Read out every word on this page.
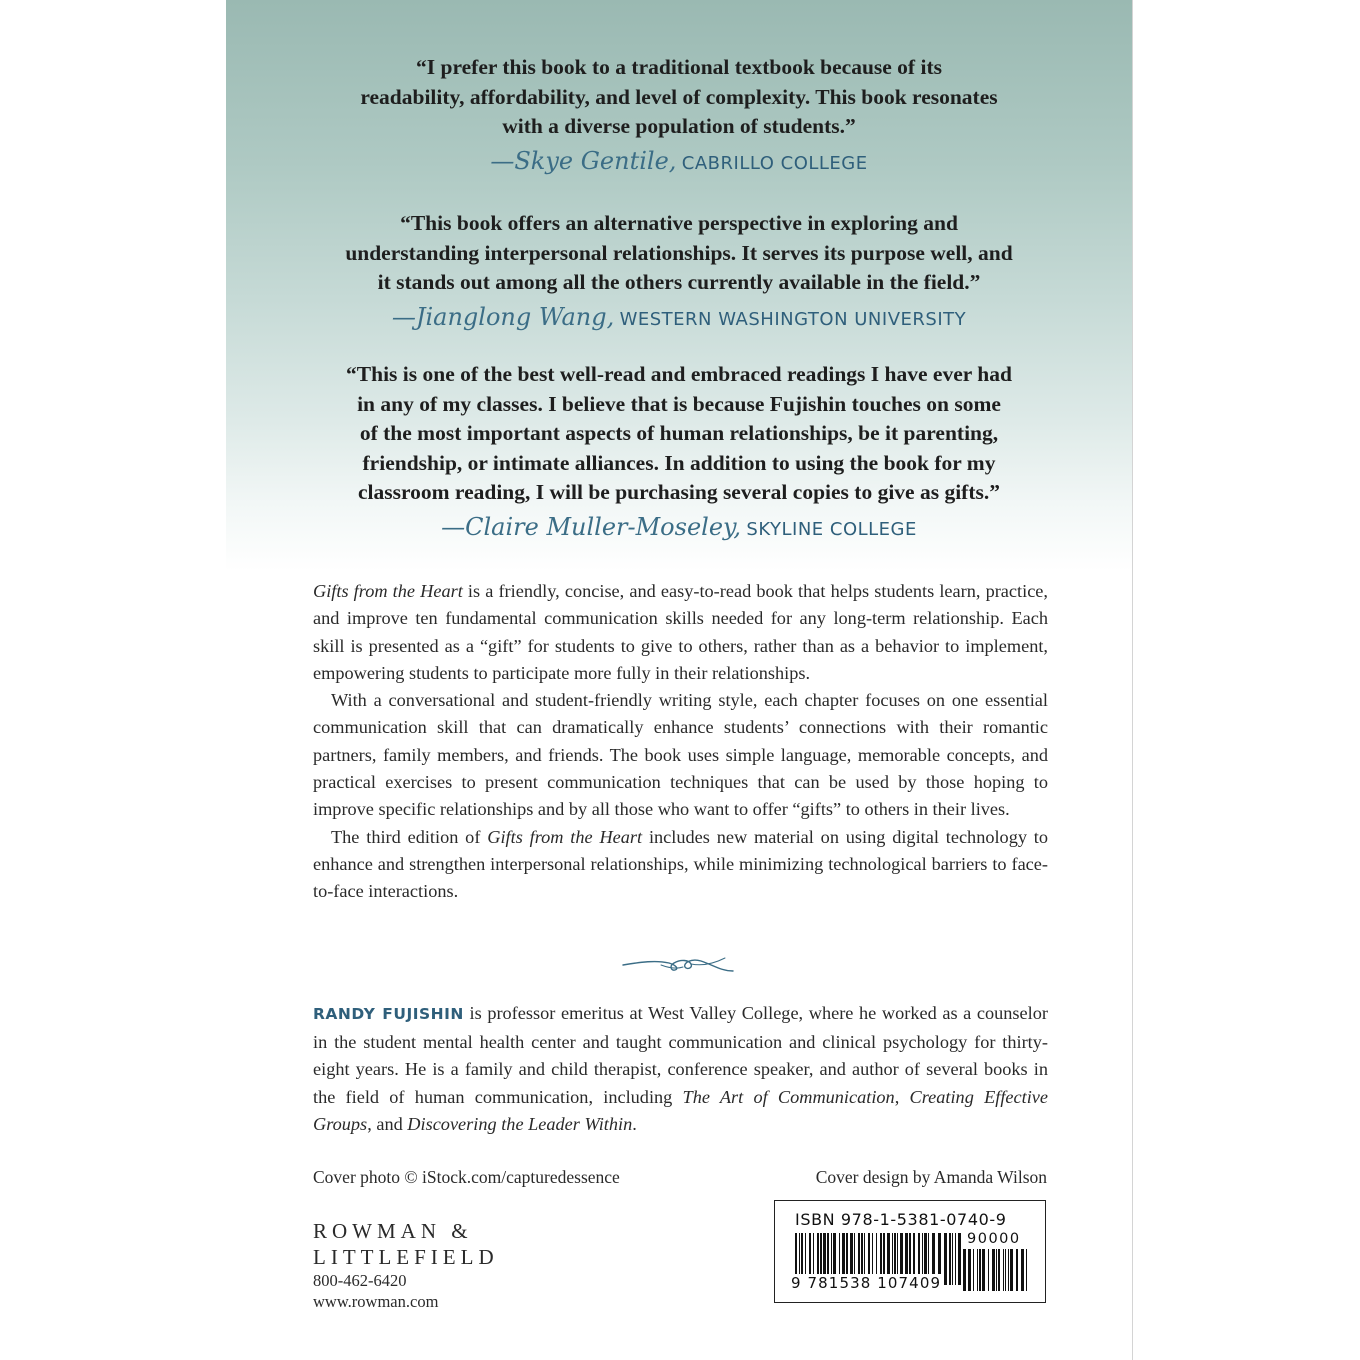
“I prefer this book to a traditional textbook because of its
readability, affordability, and level of complexity. This book resonates
with a diverse population of students.”
—Skye Gentile, CABRILLO COLLEGE
“This book offers an alternative perspective in exploring and
understanding interpersonal relationships. It serves its purpose well, and
it stands out among all the others currently available in the field.”
—Jianglong Wang, WESTERN WASHINGTON UNIVERSITY
“This is one of the best well-read and embraced readings I have ever had
in any of my classes. I believe that is because Fujishin touches on some
of the most important aspects of human relationships, be it parenting,
friendship, or intimate alliances. In addition to using the book for my
classroom reading, I will be purchasing several copies to give as gifts.”
—Claire Muller-Moseley, SKYLINE COLLEGE

Gifts from the Heart is a friendly, concise, and easy-to-read book that helps students learn, practice, and improve ten fundamental communication skills needed for any long-term relationship. Each skill is presented as a “gift” for students to give to others, rather than as a behavior to implement, empowering students to participate more fully in their relationships.

With a conversational and student-friendly writing style, each chapter focuses on one essential communication skill that can dramatically enhance students’ connections with their romantic partners, family members, and friends. The book uses simple language, memorable concepts, and practical exercises to present communication techniques that can be used by those hoping to improve specific relationships and by all those who want to offer “gifts” to others in their lives.

The third edition of Gifts from the Heart includes new material on using digital technology to enhance and strengthen interpersonal relationships, while minimizing technological barriers to face-to-face interactions.

RANDY FUJISHIN is professor emeritus at West Valley College, where he worked as a counselor in the student mental health center and taught communication and clinical psychology for thirty-eight years. He is a family and child therapist, conference speaker, and author of several books in the field of human communication, including The Art of Communication, Creating Effective Groups, and Discovering the Leader Within.
Cover photo © iStock.com/capturedessence	Cover design by Amanda Wilson
ROWMAN &
LITTLEFIELD
800-462-6420
www.rowman.com
ISBN 978-1-5381-0740-9
90000
9 781538 107409
